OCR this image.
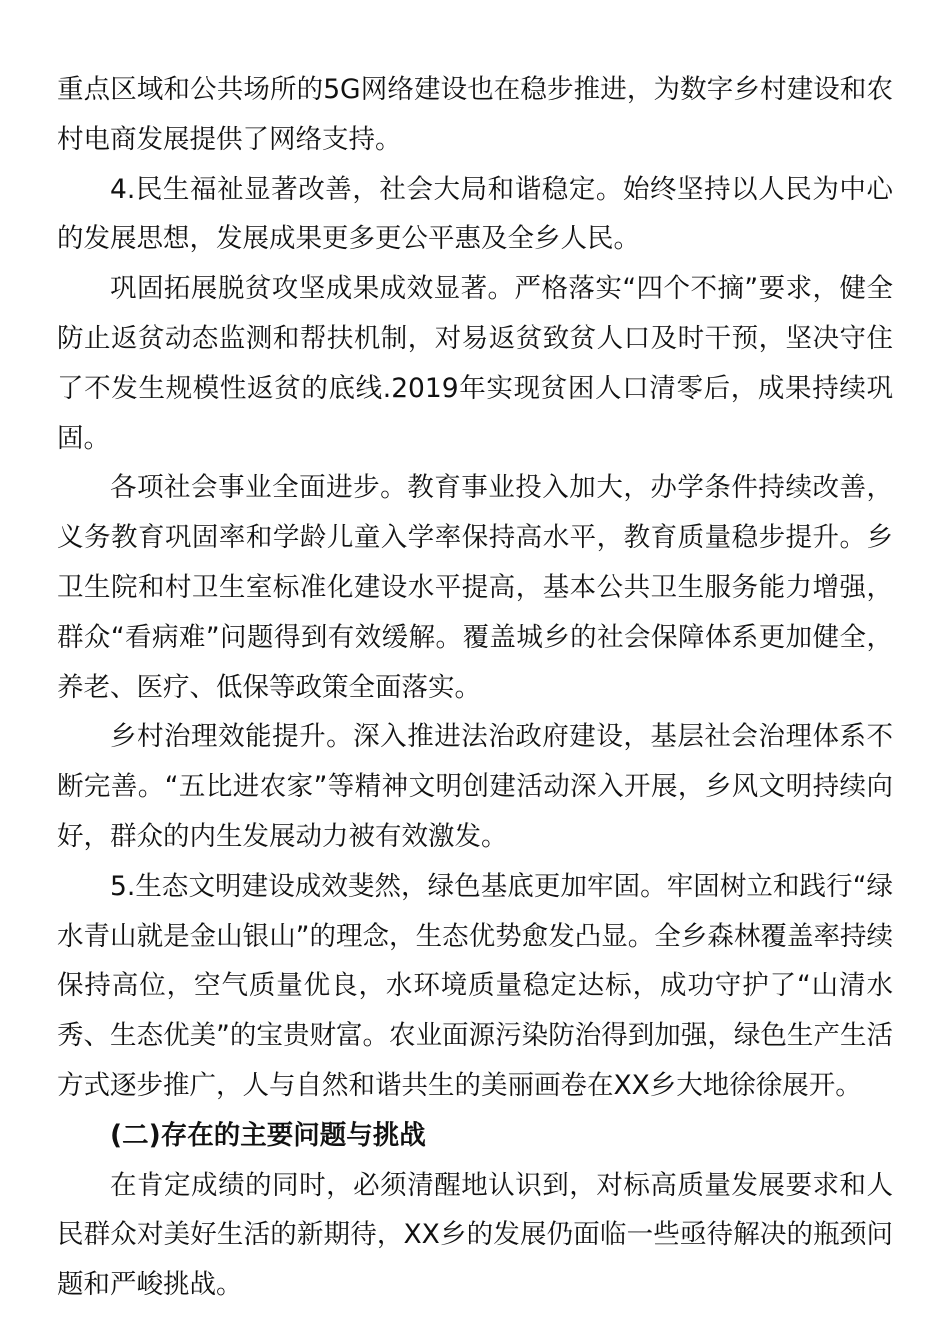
重点区域和公共场所的5G网络建设也在稳步推进，为数字乡村建设和农村电商发展提供了网络支持。

4.民生福祉显著改善，社会大局和谐稳定。始终坚持以人民为中心的发展思想，发展成果更多更公平惠及全乡人民。

巩固拓展脱贫攻坚成果成效显著。严格落实“四个不摘”要求，健全防止返贫动态监测和帮扶机制，对易返贫致贫人口及时干预，坚决守住了不发生规模性返贫的底线.2019年实现贫困人口清零后，成果持续巩固。

各项社会事业全面进步。教育事业投入加大，办学条件持续改善，义务教育巩固率和学龄儿童入学率保持高水平，教育质量稳步提升。乡卫生院和村卫生室标准化建设水平提高，基本公共卫生服务能力增强，群众“看病难”问题得到有效缓解。覆盖城乡的社会保障体系更加健全，养老、医疗、低保等政策全面落实。

乡村治理效能提升。深入推进法治政府建设，基层社会治理体系不断完善。“五比进农家”等精神文明创建活动深入开展，乡风文明持续向好，群众的内生发展动力被有效激发。

5.生态文明建设成效斐然，绿色基底更加牢固。牢固树立和践行“绿水青山就是金山银山”的理念，生态优势愈发凸显。全乡森林覆盖率持续保持高位，空气质量优良，水环境质量稳定达标，成功守护了“山清水秀、生态优美”的宝贵财富。农业面源污染防治得到加强，绿色生产生活方式逐步推广，人与自然和谐共生的美丽画卷在XX乡大地徐徐展开。

(二)存在的主要问题与挑战

在肯定成绩的同时，必须清醒地认识到，对标高质量发展要求和人民群众对美好生活的新期待，XX乡的发展仍面临一些亟待解决的瓶颈问题和严峻挑战。
